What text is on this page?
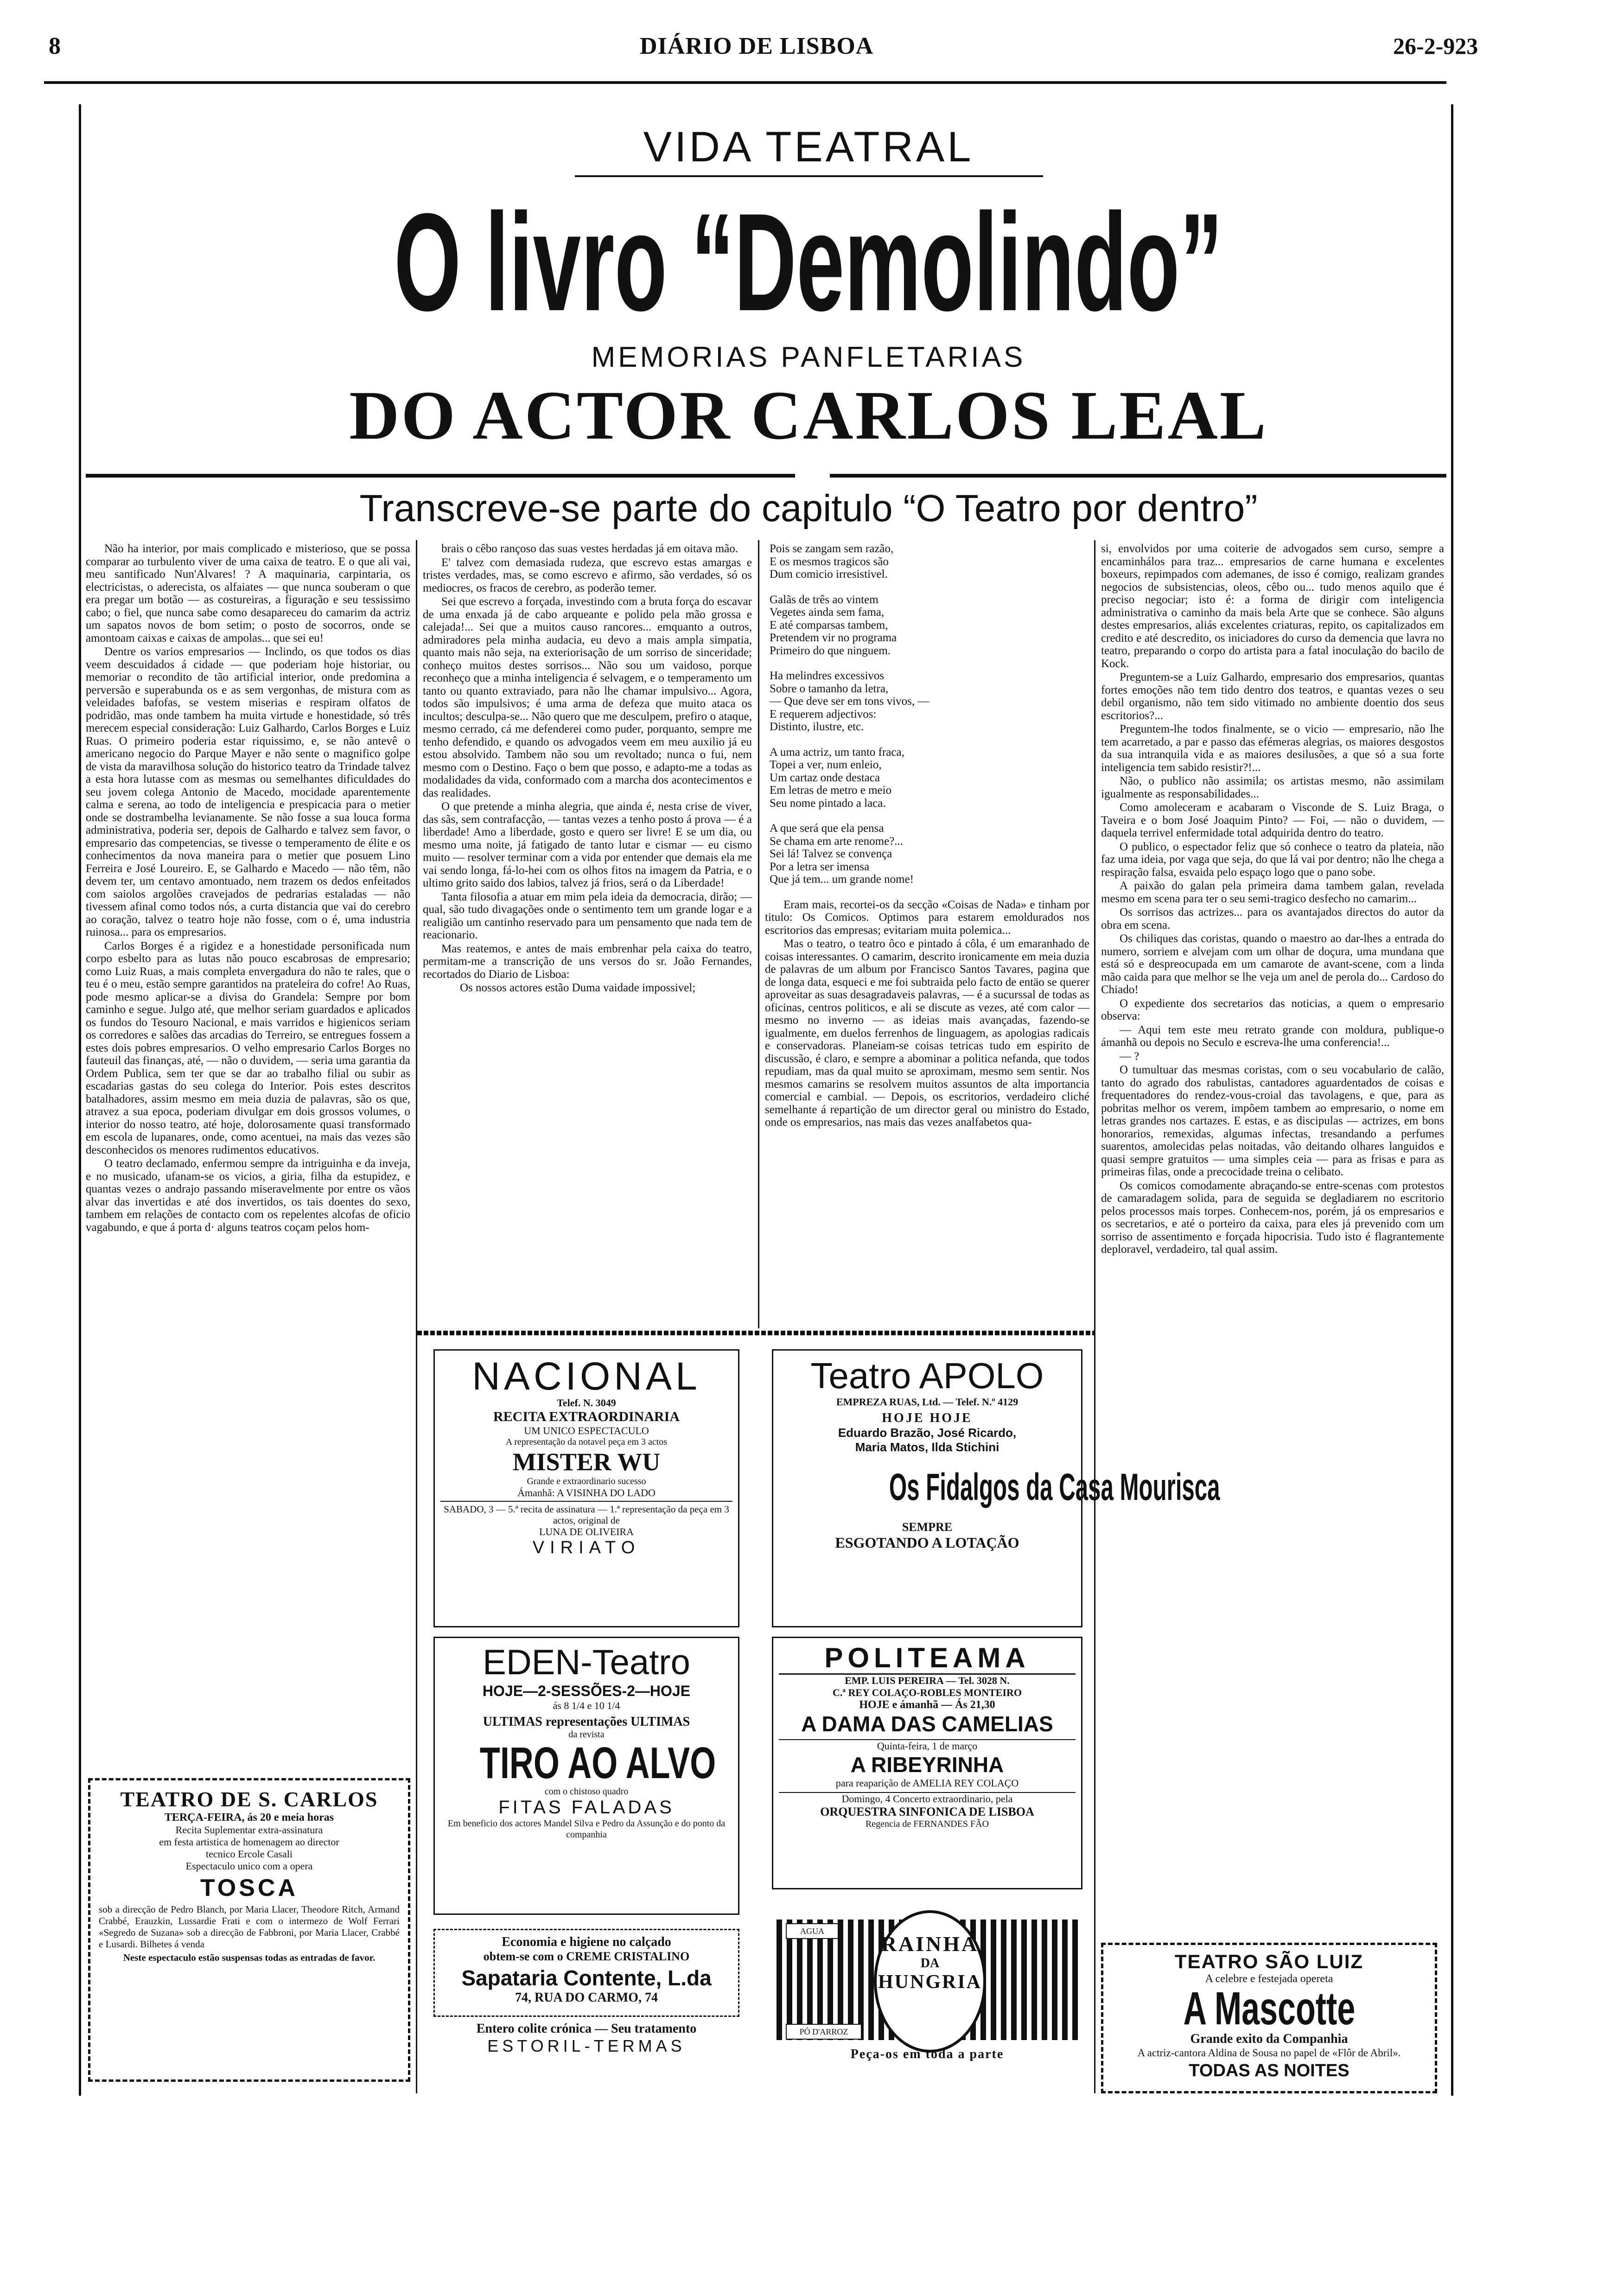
8	DIÁRIO DE LISBOA	26-2-923
VIDA TEATRAL
O livro “Demolindo”
MEMORIAS PANFLETARIAS
DO ACTOR CARLOS LEAL
Transcreve-se parte do capitulo “O Teatro por dentro”

Não ha interior, por mais complicado e misterioso, que se possa comparar ao turbulento viver de uma caixa de teatro. E o que ali vai, meu santificado Nun'Alvares! ? A maquinaria, carpintaria, os electricistas, o aderecista, os alfaiates — que nunca souberam o que era pregar um botão — as costureiras, a figuração e seu tessissimo cabo; o fiel, que nunca sabe como desapareceu do camarim da actriz um sapatos novos de bom setim; o posto de socorros, onde se amontoam caixas e caixas de ampolas... que sei eu!

Dentre os varios empresarios — Inclindo, os que todos os dias veem descuidados á cidade — que poderiam hoje historiar, ou memoriar o recondito de tão artificial interior, onde predomina a perversão e superabunda os e as sem vergonhas, de mistura com as veleidades bafofas, se vestem miserias e respiram olfatos de podridão, mas onde tambem ha muita virtude e honestidade, só três merecem especial consideração: Luiz Galhardo, Carlos Borges e Luiz Ruas. O primeiro poderia estar riquissimo, e, se não antevê o americano negocio do Parque Mayer e não sente o magnifico golpe de vista da maravilhosa solução do historico teatro da Trindade talvez a esta hora lutasse com as mesmas ou semelhantes dificuldades do seu jovem colega Antonio de Macedo, mocidade aparentemente calma e serena, ao todo de inteligencia e prespicacia para o metier onde se dostrambelha levianamente. Se não fosse a sua louca forma administrativa, poderia ser, depois de Galhardo e talvez sem favor, o empresario das competencias, se tivesse o temperamento de élite e os conhecimentos da nova maneira para o metier que posuem Lino Ferreira e José Loureiro. E, se Galhardo e Macedo — não têm, não devem ter, um centavo amontuado, nem trazem os dedos enfeitados com saiolos argolões cravejados de pedrarias estaladas — não tivessem afinal como todos nós, a curta distancia que vai do cerebro ao coração, talvez o teatro hoje não fosse, com o é, uma industria ruinosa... para os empresarios.

Carlos Borges é a rigidez e a honestidade personificada num corpo esbelto para as lutas não pouco escabrosas de empresario; como Luiz Ruas, a mais completa envergadura do não te rales, que o teu é o meu, estão sempre garantidos na prateleira do cofre! Ao Ruas, pode mesmo aplicar-se a divisa do Grandela: Sempre por bom caminho e segue. Julgo até, que melhor seriam guardados e aplicados os fundos do Tesouro Nacional, e mais varridos e higienicos seriam os corredores e salões das arcadias do Terreiro, se entregues fossem a estes dois pobres empresarios. O velho empresario Carlos Borges no fauteuil das finanças, até, — não o duvidem, — seria uma garantia da Ordem Publica, sem ter que se dar ao trabalho filial ou subir as escadarias gastas do seu colega do Interior. Pois estes descritos batalhadores, assim mesmo em meia duzia de palavras, são os que, atravez a sua epoca, poderiam divulgar em dois grossos volumes, o interior do nosso teatro, até hoje, dolorosamente quasi transformado em escola de lupanares, onde, como acentuei, na mais das vezes são desconhecidos os menores rudimentos educativos.

O teatro declamado, enfermou sempre da intriguinha e da inveja, e no musicado, ufanam-se os vicios, a giria, filha da estupidez, e quantas vezes o andrajo passando miseravelmente por entre os vãos alvar das invertidas e até dos invertidos, os tais doentes do sexo, tambem em relações de contacto com os repelentes alcofas de oficio vagabundo, e que á porta d· alguns teatros coçam pelos hom-

brais o cêbo rançoso das suas vestes herdadas já em oitava mão.

E' talvez com demasiada rudeza, que escrevo estas amargas e tristes verdades, mas, se como escrevo e afirmo, são verdades, só os mediocres, os fracos de cerebro, as poderão temer.

Sei que escrevo a forçada, investindo com a bruta força do escavar de uma enxada já de cabo arqueante e polido pela mão grossa e calejada!... Sei que a muitos causo rancores... emquanto a outros, admiradores pela minha audacia, eu devo a mais ampla simpatia, quanto mais não seja, na exteriorisação de um sorriso de sinceridade; conheço muitos destes sorrisos... Não sou um vaidoso, porque reconheço que a minha inteligencia é selvagem, e o temperamento um tanto ou quanto extraviado, para não lhe chamar impulsivo... Agora, todos são impulsivos; é uma arma de defeza que muito ataca os incultos; desculpa-se... Não quero que me desculpem, prefiro o ataque, mesmo cerrado, cá me defenderei como puder, porquanto, sempre me tenho defendido, e quando os advogados veem em meu auxilio já eu estou absolvido. Tambem não sou um revoltado; nunca o fui, nem mesmo com o Destino. Faço o bem que posso, e adapto-me a todas as modalidades da vida, conformado com a marcha dos acontecimentos e das realidades.

O que pretende a minha alegria, que ainda é, nesta crise de viver, das sãs, sem contrafacção, — tantas vezes a tenho posto á prova — é a liberdade! Amo a liberdade, gosto e quero ser livre! E se um dia, ou mesmo uma noite, já fatigado de tanto lutar e cismar — eu cismo muito — resolver terminar com a vida por entender que demais ela me vai sendo longa, fá-lo-hei com os olhos fitos na imagem da Patria, e o ultimo grito saido dos labios, talvez já frios, será o da Liberdade!

Tanta filosofia a atuar em mim pela ideia da democracia, dirão; — qual, são tudo divagações onde o sentimento tem um grande logar e a realigião um cantinho reservado para um pensamento que nada tem de reacionario.

Mas reatemos, e antes de mais embrenhar pela caixa do teatro, permitam-me a transcrição de uns versos do sr. João Fernandes, recortados do Diario de Lisboa:

Os nossos actores estão Duma vaidade impossivel;

Pois se zangam sem razão,

E os mesmos tragicos são

Dum comicio irresistivel.

Galãs de três ao vintem

Vegetes ainda sem fama,

E até comparsas tambem,

Pretendem vir no programa

Primeiro do que ninguem.

Ha melindres excessivos

Sobre o tamanho da letra,

— Que deve ser em tons vivos, —

E requerem adjectivos:

Distinto, ilustre, etc.

A uma actriz, um tanto fraca,

Topei a ver, num enleio,

Um cartaz onde destaca

Em letras de metro e meio

Seu nome pintado a laca.

A que será que ela pensa

Se chama em arte renome?...

Sei lá! Talvez se convença

Por a letra ser imensa

Que já tem... um grande nome!

Eram mais, recortei-os da secção «Coisas de Nada» e tinham por titulo: Os Comicos. Optimos para estarem emoldurados nos escritorios das empresas; evitariam muita polemica...

Mas o teatro, o teatro ôco e pintado á côla, é um emaranhado de coisas interessantes. O camarim, descrito ironicamente em meia duzia de palavras de um album por Francisco Santos Tavares, pagina que de longa data, esqueci e me foi subtraida pelo facto de entäo se querer aproveitar as suas desagradaveis palavras, — é a sucurssal de todas as oficinas, centros politicos, e ali se discute as vezes, até com calor — mesmo no inverno — as ideias mais avançadas, fazendo-se igualmente, em duelos ferrenhos de linguagem, as apologias radicais e conservadoras. Planeiam-se coisas tetricas tudo em espirito de discussão, é claro, e sempre a abominar a politica nefanda, que todos repudiam, mas da qual muito se aproximam, mesmo sem sentir. Nos mesmos camarins se resolvem muitos assuntos de alta importancia comercial e cambial. — Depois, os escritorios, verdadeiro cliché semelhante á repartição de um director geral ou ministro do Estado, onde os empresarios, nas mais das vezes analfabetos qua-

si, envolvidos por uma coiterie de advogados sem curso, sempre a encaminhálos para traz... empresarios de carne humana e excelentes boxeurs, repimpados com ademanes, de isso é comigo, realizam grandes negocios de subsistencias, oleos, cêbo ou... tudo menos aquilo que é preciso negociar; isto é: a forma de dirigir com inteligencia administrativa o caminho da mais bela Arte que se conhece. São alguns destes empresarios, aliás excelentes criaturas, repito, os capitalizados em credito e até descredito, os iniciadores do curso da demencia que lavra no teatro, preparando o corpo do artista para a fatal inoculação do bacilo de Kock.

Preguntem-se a Luiz Galhardo, empresario dos empresarios, quantas fortes emoções não tem tido dentro dos teatros, e quantas vezes o seu debil organismo, não tem sido vitimado no ambiente doentio dos seus escritorios?...

Preguntem-lhe todos finalmente, se o vicio — empresario, não lhe tem acarretado, a par e passo das efémeras alegrias, os maiores desgostos da sua intranquila vida e as maiores desilusões, a que só a sua forte inteligencia tem sabido resistir?!...

Não, o publico não assimila; os artistas mesmo, não assimilam igualmente as responsabilidades...

Como amoleceram e acabaram o Visconde de S. Luiz Braga, o Taveira e o bom José Joaquim Pinto? — Foi, — não o duvidem, — daquela terrivel enfermidade total adquirida dentro do teatro.

O publico, o espectador feliz que só conhece o teatro da plateia, não faz uma ideia, por vaga que seja, do que lá vai por dentro; não lhe chega a respiração falsa, esvaida pelo espaço logo que o pano sobe.

A paixão do galan pela primeira dama tambem galan, revelada mesmo em scena para ter o seu semi-tragico desfecho no camarim...

Os sorrisos das actrizes... para os avantajados directos do autor da obra em scena.

Os chiliques das coristas, quando o maestro ao dar-lhes a entrada do numero, sorriem e alvejam com um olhar de doçura, uma mundana que está só e despreocupada em um camarote de avant-scene, com a linda mão caida para que melhor se lhe veja um anel de perola do... Cardoso do Chiado!

O expediente dos secretarios das noticias, a quem o empresario observa:

— Aqui tem este meu retrato grande con moldura, publique-o ámanhã ou depois no Seculo e escreva-lhe uma conferencia!...

— ?

O tumultuar das mesmas coristas, com o seu vocabulario de calão, tanto do agrado dos rabulistas, cantadores aguardentados de coisas e frequentadores do rendez-vous-croial das tavolagens, e que, para as pobritas melhor os verem, impõem tambem ao empresario, o nome em letras grandes nos cartazes. E estas, e as discipulas — actrizes, em bons honorarios, remexidas, algumas infectas, tresandando a perfumes suarentos, amolecidas pelas noitadas, vão deitando olhares languidos e quasi sempre gratuitos — uma simples ceia — para as frisas e para as primeiras filas, onde a precocidade treina o celibato.

Os comicos comodamente abraçando-se entre-scenas com protestos de camaradagem solida, para de seguida se degladiarem no escritorio pelos processos mais torpes. Conhecem-nos, porém, já os empresarios e os secretarios, e até o porteiro da caixa, para eles já prevenido com um sorriso de assentimento e forçada hipocrisia. Tudo isto é flagrantemente deploravel, verdadeiro, tal qual assim.

TEATRO DE S. CARLOS

TERÇA-FEIRA, ás 20 e meia horas

Recita Suplementar extra-assinatura

em festa artistica de homenagem ao director

tecnico Ercole Casali

Espectaculo unico com a opera

TOSCA

sob a direcção de Pedro Blanch, por Maria Llacer, Theodore Ritch, Armand Crabbé, Erauzkin, Lussardie Frati e com o intermezo de Wolf Ferrari «Segredo de Suzana» sob a direcção de Fabbroni, por Maria Llacer, Crabbé e Lusardi. Bilhetes á venda

Neste espectaculo estão suspensas todas as entradas de favor.

NACIONAL

Telef. N. 3049

RECITA EXTRAORDINARIA

UM UNICO ESPECTACULO

A representação da notavel peça em 3 actos

MISTER WU

Grande e extraordinario sucesso

Ámanhã: A VISINHA DO LADO

SABADO, 3 — 5.ª recita de assinatura — 1.ª representação da peça em 3 actos, original de

LUNA DE OLIVEIRA

VIRIATO
Teatro APOLO

EMPREZA RUAS, Ltd. — Telef. N.º 4129

HOJE HOJE

Eduardo Brazão, José Ricardo,

Maria Matos, Ilda Stichini

Os Fidalgos da Casa Mourisca

SEMPRE

ESGOTANDO A LOTAÇÃO

EDEN-Teatro

HOJE—2-SESSÕES-2—HOJE

ás 8 1/4 e 10 1/4

ULTIMAS representações ULTIMAS

da revista

TIRO AO ALVO

com o chistoso quadro

FITAS FALADAS

Em beneficio dos actores Mandel Silva e Pedro da Assunção e do ponto da companhia

POLITEAMA

EMP. LUIS PEREIRA — Tel. 3028 N.

C.ª REY COLAÇO-ROBLES MONTEIRO

HOJE e ámanhã — Ás 21,30

A DAMA DAS CAMELIAS

Quinta-feira, 1 de março

A RIBEYRINHA

para reaparição de AMELIA REY COLAÇO

Domingo, 4 Concerto extraordinario, pela

ORQUESTRA SINFONICA DE LISBOA

Regencia de FERNANDES FÃO

Economia e higiene no calçado

obtem-se com o CREME CRISTALINO

Sapataria Contente, L.da

74, RUA DO CARMO, 74

Entero colite crónica — Seu tratamento

ESTORIL-TERMAS

AGUA
PÓ D'ARROZ
RAINHA
DA
HUNGRIA
Peça-os em toda a parte
TEATRO SÃO LUIZ

A celebre e festejada opereta

A Mascotte

Grande exito da Companhia

A actriz-cantora Aldina de Sousa no papel de «Flôr de Abril».

TODAS AS NOITES
